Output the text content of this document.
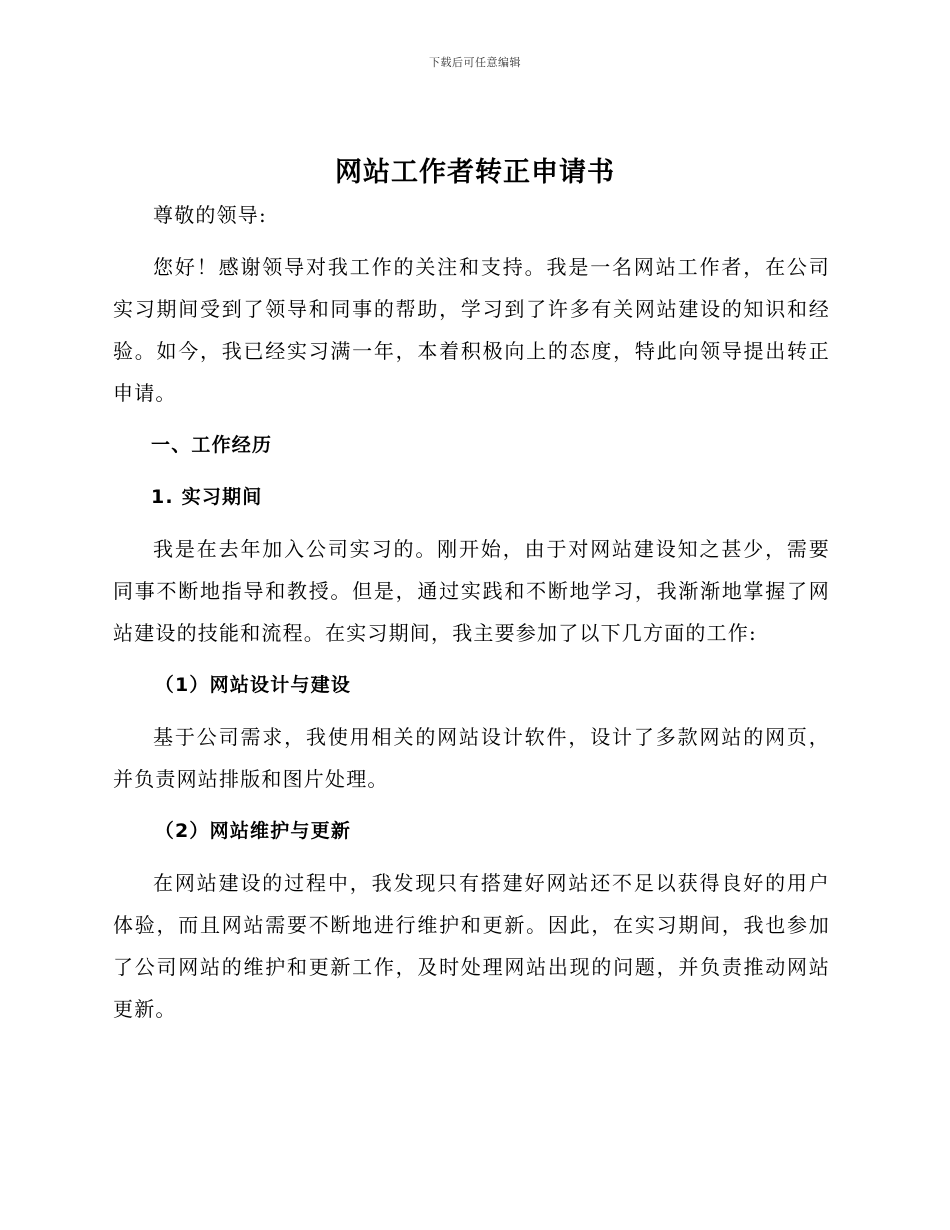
下载后可任意编辑
网站工作者转正申请书

尊敬的领导:

您好！感谢领导对我工作的关注和支持。我是一名网站工作者，在公司实习期间受到了领导和同事的帮助，学习到了许多有关网站建设的知识和经验。如今，我已经实习满一年，本着积极向上的态度，特此向领导提出转正申请。

一、工作经历

1. 实习期间

我是在去年加入公司实习的。刚开始，由于对网站建设知之甚少，需要同事不断地指导和教授。但是，通过实践和不断地学习，我渐渐地掌握了网站建设的技能和流程。在实习期间，我主要参加了以下几方面的工作:

（1）网站设计与建设

基于公司需求，我使用相关的网站设计软件，设计了多款网站的网页，并负责网站排版和图片处理。

（2）网站维护与更新

在网站建设的过程中，我发现只有搭建好网站还不足以获得良好的用户体验，而且网站需要不断地进行维护和更新。因此，在实习期间，我也参加了公司网站的维护和更新工作，及时处理网站出现的问题，并负责推动网站更新。
